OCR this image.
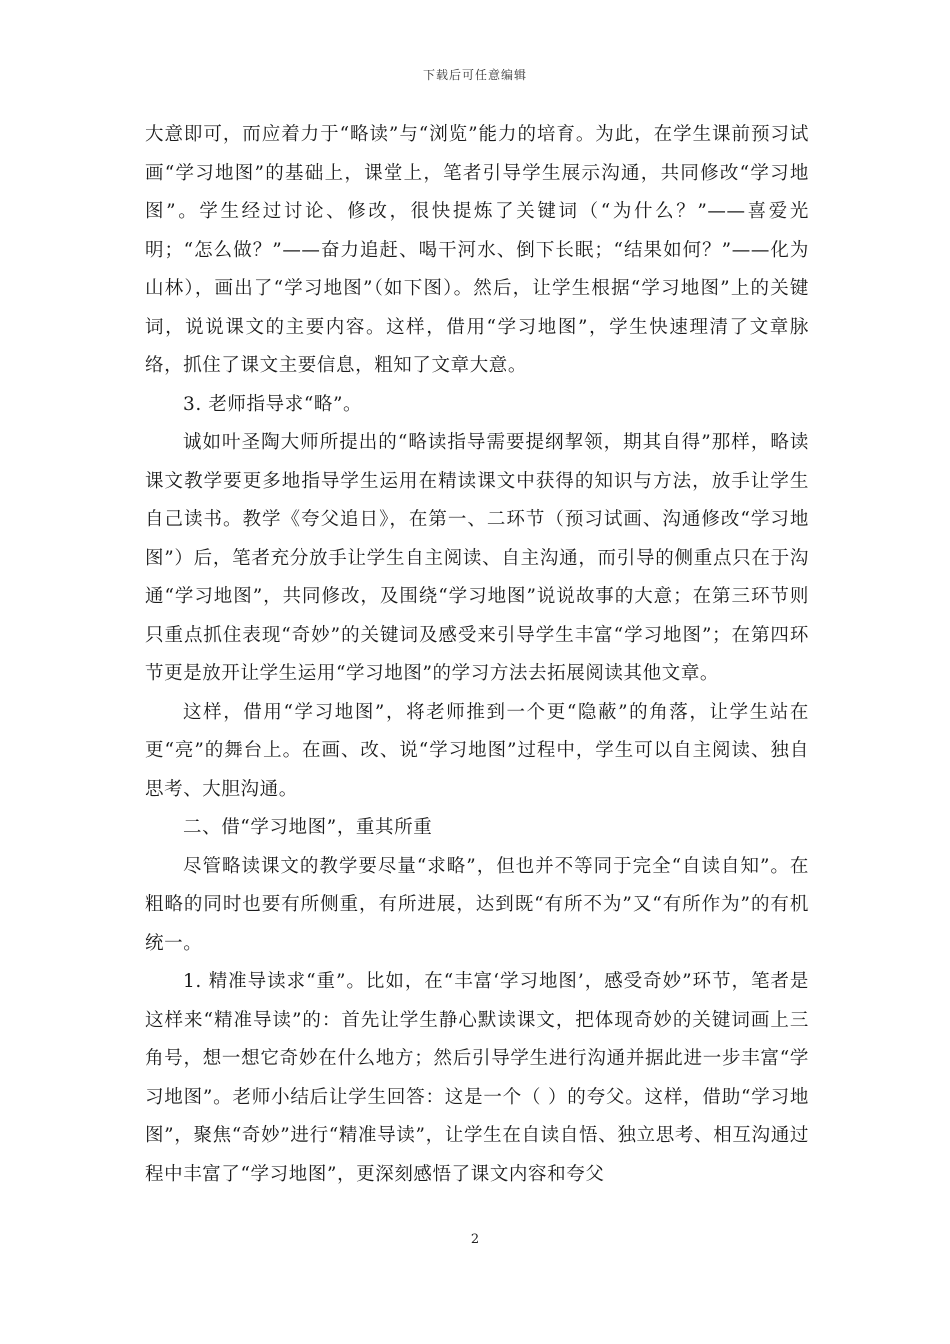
下载后可任意编辑

大意即可，而应着力于“略读”与“浏览”能力的培育。为此，在学生课前预习试画“学习地图”的基础上，课堂上，笔者引导学生展示沟通，共同修改“学习地图”。学生经过讨论、修改，很快提炼了关键词（“为什么？”——喜爱光明；“怎么做？”——奋力追赶、喝干河水、倒下长眠；“结果如何？”——化为山林），画出了“学习地图”（如下图）。然后，让学生根据“学习地图”上的关键词，说说课文的主要内容。这样，借用“学习地图”，学生快速理清了文章脉络，抓住了课文主要信息，粗知了文章大意。

3. 老师指导求“略”。

诚如叶圣陶大师所提出的“略读指导需要提纲挈领，期其自得”那样，略读课文教学要更多地指导学生运用在精读课文中获得的知识与方法，放手让学生自己读书。教学《夸父追日》，在第一、二环节（预习试画、沟通修改“学习地图”）后，笔者充分放手让学生自主阅读、自主沟通，而引导的侧重点只在于沟通“学习地图”，共同修改，及围绕“学习地图”说说故事的大意；在第三环节则只重点抓住表现“奇妙”的关键词及感受来引导学生丰富“学习地图”；在第四环节更是放开让学生运用“学习地图”的学习方法去拓展阅读其他文章。

这样，借用“学习地图”，将老师推到一个更“隐蔽”的角落，让学生站在更“亮”的舞台上。在画、改、说“学习地图”过程中，学生可以自主阅读、独自思考、大胆沟通。

二、借“学习地图”，重其所重

尽管略读课文的教学要尽量“求略”，但也并不等同于完全“自读自知”。在粗略的同时也要有所侧重，有所进展，达到既“有所不为”又“有所作为”的有机统一。

1. 精准导读求“重”。比如，在“丰富‘学习地图’，感受奇妙”环节，笔者是这样来“精准导读”的：首先让学生静心默读课文，把体现奇妙的关键词画上三角号，想一想它奇妙在什么地方；然后引导学生进行沟通并据此进一步丰富“学习地图”。老师小结后让学生回答：这是一个（ ）的夸父。这样，借助“学习地图”，聚焦“奇妙”进行“精准导读”，让学生在自读自悟、独立思考、相互沟通过程中丰富了“学习地图”，更深刻感悟了课文内容和夸父

2
